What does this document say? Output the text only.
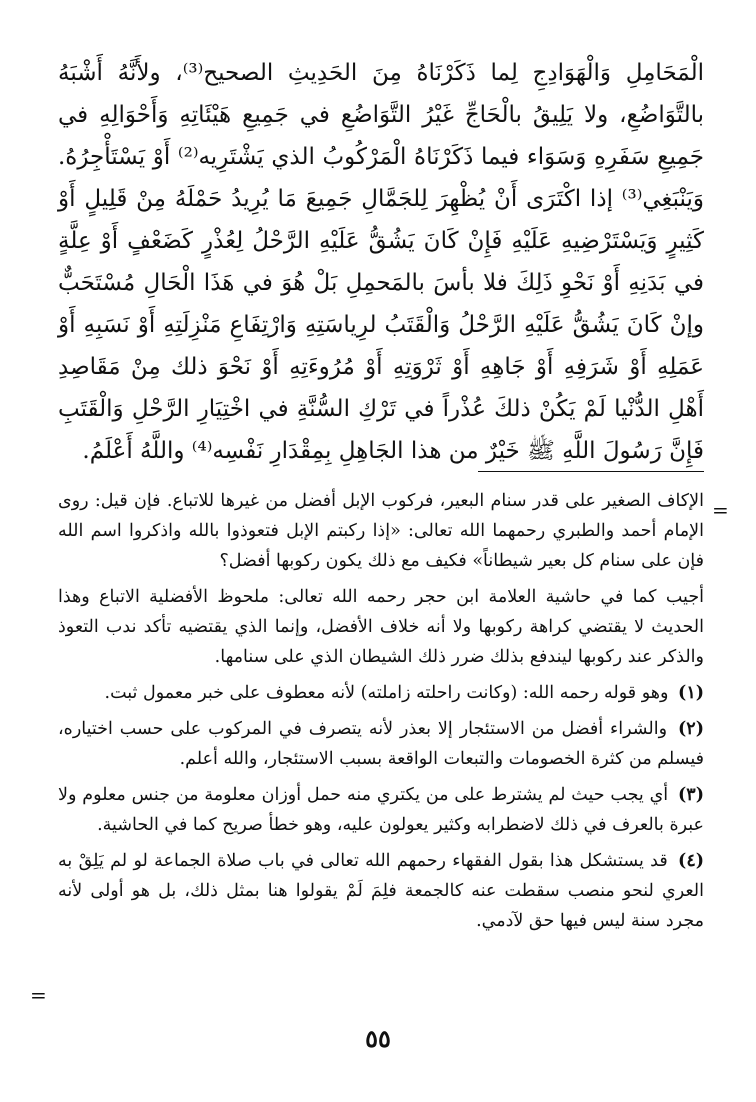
الْمَحَامِلِ وَالْهَوَادِجِ لِما ذَكَرْنَاهُ مِنَ الحَدِيثِ الصحيح⁽³⁾، ولأَنَّهُ أَشْبَهُ بالتَّوَاضُعِ، ولا يَلِيقُ بالْحَاجِّ غَيْرُ التَّوَاضُعِ في جَمِيعِ هَيْئَاتِهِ وَأَحْوَالِهِ في جَمِيعِ سَفَرِهِ وَسَوَاء فيما ذَكَرْنَاهُ الْمَرْكُوبُ الذي يَشْتَرِيه⁽²⁾ أَوْ يَسْتَأْجِرُهُ. وَيَنْبَغِي⁽³⁾ إذا اكْتَرَى أَنْ يُظْهِرَ لِلجَمَّالِ جَمِيعَ مَا يُرِيدُ حَمْلَهُ مِنْ قَلِيلٍ أَوْ كَثِيرٍ وَيَسْتَرْضِيهِ عَلَيْهِ فَإِنْ كَانَ يَشُقُّ عَلَيْهِ الرَّحْلُ لِعُذْرٍ كَضَعْفٍ أَوْ عِلَّةٍ في بَدَنِهِ أَوْ نَحْوِ ذَلِكَ فلا بأسَ بالمَحمِلِ بَلْ هُوَ في هَذَا الْحَالِ مُسْتَحَبٌّ وإنْ كَانَ يَشُقُّ عَلَيْهِ الرَّحْلُ وَالْقَتَبُ لرِياسَتِهِ وَارْتِفَاعِ مَنْزِلَتِهِ أَوْ نَسَبِهِ أَوْ عَمَلِهِ أَوْ شَرَفِهِ أَوْ جَاهِهِ أَوْ ثَرْوَتِهِ أَوْ مُرُوءَتِهِ أَوْ نَحْوَ ذلك مِنْ مَقَاصِدِ أَهْلِ الدُّنْيا لَمْ يَكُنْ ذلكَ عُذْراً في تَرْكِ السُّنَّةِ في اخْتِيَارِ الرَّحْلِ وَالْقَتَبِ فَإِنَّ رَسُولَ اللَّهِ ﷺ خَيْرٌ من هذا الجَاهِلِ بِمِقْدَارِ نَفْسِه⁽⁴⁾ واللَّهُ أَعْلَمُ.

=

الإكاف الصغير على قدر سنام البعير، فركوب الإبل أفضل من غيرها للاتباع. فإن قيل: روى الإمام أحمد والطبري رحمهما الله تعالى: «إذا ركبتم الإبل فتعوذوا بالله واذكروا اسم الله فإن على سنام كل بعير شيطاناً» فكيف مع ذلك يكون ركوبها أفضل؟

أجيب كما في حاشية العلامة ابن حجر رحمه الله تعالى: ملحوظ الأفضلية الاتباع وهذا الحديث لا يقتضي كراهة ركوبها ولا أنه خلاف الأفضل، وإنما الذي يقتضيه تأكد ندب التعوذ والذكر عند ركوبها ليندفع بذلك ضرر ذلك الشيطان الذي على سنامها.

(١) وهو قوله رحمه الله: (وكانت راحلته زاملته) لأنه معطوف على خبر معمول ثبت.

(٢) والشراء أفضل من الاستئجار إلا بعذر لأنه يتصرف في المركوب على حسب اختياره، فيسلم من كثرة الخصومات والتبعات الواقعة بسبب الاستئجار، والله أعلم.

(٣) أي يجب حيث لم يشترط على من يكتري منه حمل أوزان معلومة من جنس معلوم ولا عبرة بالعرف في ذلك لاضطرابه وكثير يعولون عليه، وهو خطأ صريح كما في الحاشية.

(٤) قد يستشكل هذا بقول الفقهاء رحمهم الله تعالى في باب صلاة الجماعة لو لم يَلِقْ به العري لنحو منصب سقطت عنه كالجمعة فلِمَ لَمْ يقولوا هنا بمثل ذلك، بل هو أولى لأنه مجرد سنة ليس فيها حق لآدمي.

=
٥٥
